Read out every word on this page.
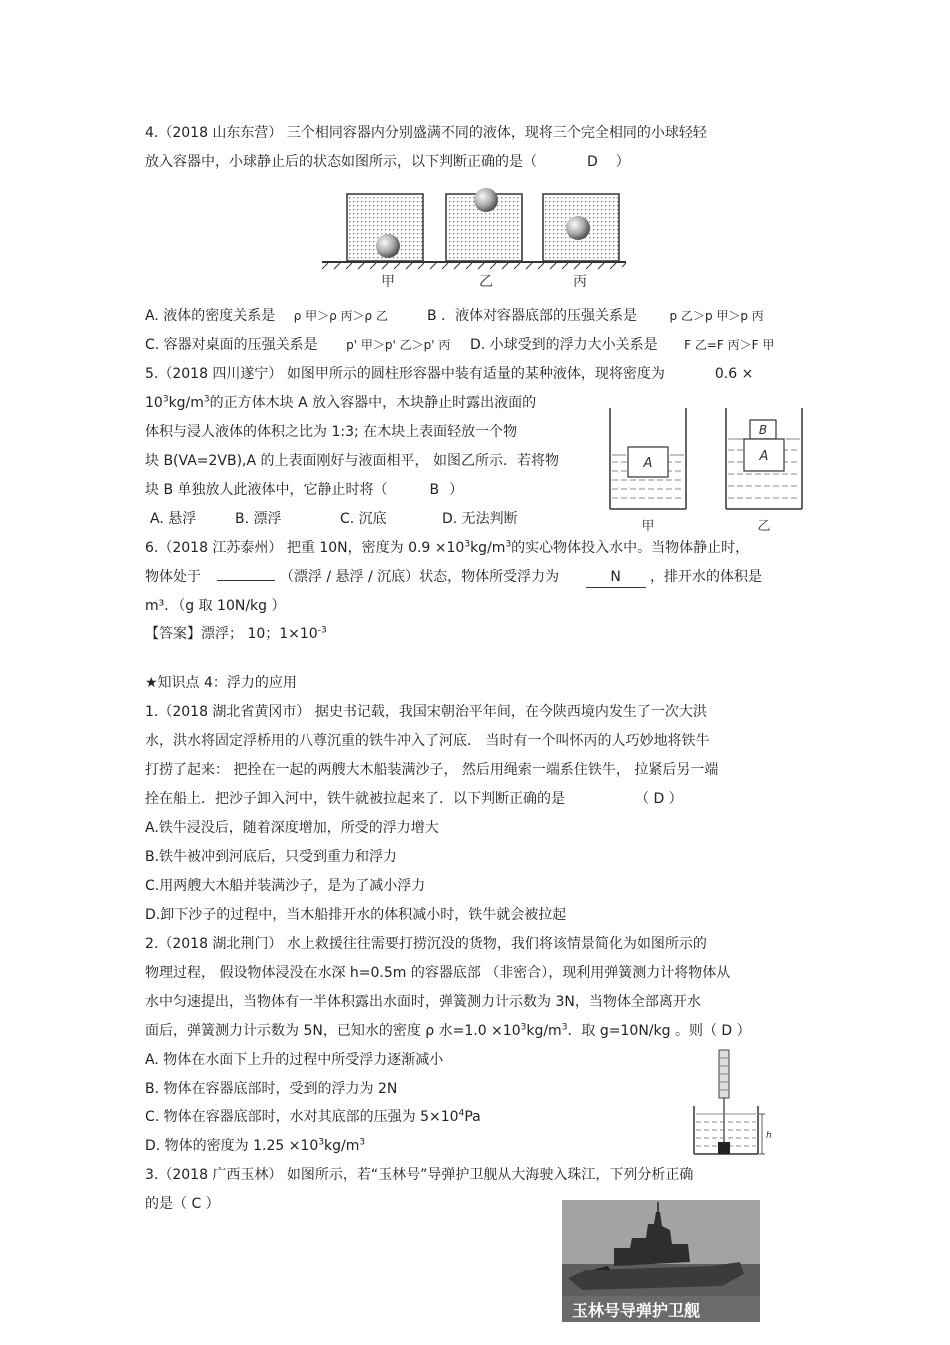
4.（2018 山东东营） 三个相同容器内分别盛满不同的液体，现将三个完全相同的小球轻轻
放入容器中，小球静止后的状态如图所示，以下判断正确的是（	D ）
甲	乙	丙
A. 液体的密度关系是 ρ 甲＞ρ 丙＞ρ 乙	B ．液体对容器底部的压强关系是	p 乙＞p 甲＞p 丙
C. 容器对桌面的压强关系是 p' 甲＞p' 乙＞p' 丙 D. 小球受到的浮力大小关系是 F 乙=F 丙＞F 甲
5.（2018 四川遂宁） 如图甲所示的圆柱形容器中装有适量的某种液体，现将密度为	0.6 ×
$10^3kg/m^3$的正方体木块 A 放入容器中，木块静止时露出液面的
体积与浸人液体的体积之比为 1:3; 在木块上表面轻放一个物
块 B(VA=2VB),A 的上表面刚好与液面相平， 如图乙所示．若将物
块 B 单独放人此液体中，它静止时将（	B ）
A. 悬浮	B. 漂浮	C. 沉底	D. 无法判断
A
甲
B
A
乙
6.（2018 江苏泰州） 把重 10N，密度为 $0.9 \times 10^3kg/m^3$的实心物体投入水中。当物体静止时，
物体处于	（漂浮 / 悬浮 / 沉底）状态，物体所受浮力为	N ，排开水的体积是
m³．（g 取 10N/kg ）
【答案】漂浮； 10；$1\times 10^{-3}$
★知识点 4：浮力的应用
1.（2018 湖北省黄冈市） 据史书记载，我国宋朝治平年间，在今陕西境内发生了一次大洪
水，洪水将固定浮桥用的八尊沉重的铁牛冲入了河底． 当时有一个叫怀丙的人巧妙地将铁牛
打捞了起来： 把拴在一起的两艘大木船装满沙子， 然后用绳索一端系住铁牛， 拉紧后另一端
拴在船上．把沙子卸入河中，铁牛就被拉起来了．以下判断正确的是	（ D ）
A.铁牛浸没后，随着深度增加，所受的浮力增大
B.铁牛被冲到河底后，只受到重力和浮力
C.用两艘大木船并装满沙子，是为了减小浮力
D.卸下沙子的过程中，当木船排开水的体积减小时，铁牛就会被拉起
2.（2018 湖北荆门） 水上救援往往需要打捞沉没的货物，我们将该情景简化为如图所示的
物理过程， 假设物体浸没在水深 h=0.5m 的容器底部 （非密合），现利用弹簧测力计将物体从
水中匀速提出，当物体有一半体积露出水面时，弹簧测力计示数为 3N，当物体全部离开水
面后，弹簧测力计示数为 5N，已知水的密度 ρ 水$=1.0 \times 10^3kg/m^3$．取 g=10N/kg 。则（ D ）
A. 物体在水面下上升的过程中所受浮力逐渐减小
B. 物体在容器底部时，受到的浮力为 2N
C. 物体在容器底部时，水对其底部的压强为 $5\times 10^4Pa$
D. 物体的密度为 $1.25 \times 10^3kg/m^3$
h
3.（2018 广西玉林） 如图所示，若“玉林号”导弹护卫舰从大海驶入珠江，下列分析正确
的是（ C ）
玉林号导弹护卫舰
